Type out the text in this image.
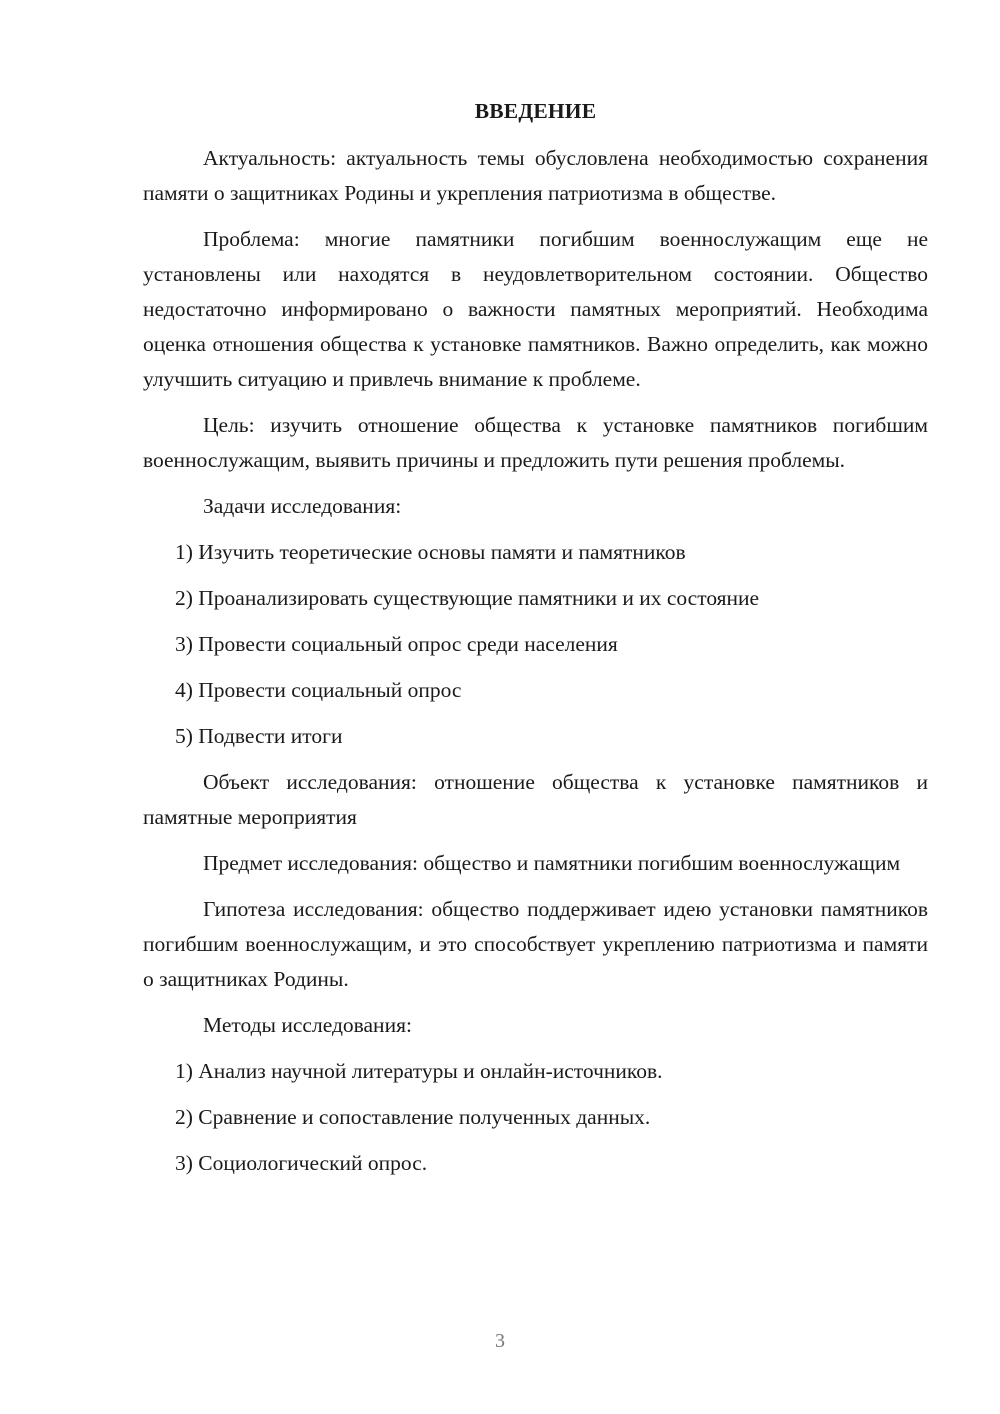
ВВЕДЕНИЕ

Актуальность: актуальность темы обусловлена необходимостью сохранения памяти о защитниках Родины и укрепления патриотизма в обществе.

Проблема: многие памятники погибшим военнослужащим еще не установлены или находятся в неудовлетворительном состоянии. Общество недостаточно информировано о важности памятных мероприятий. Необходима оценка отношения общества к установке памятников. Важно определить, как можно улучшить ситуацию и привлечь внимание к проблеме.

Цель: изучить отношение общества к установке памятников погибшим военнослужащим, выявить причины и предложить пути решения проблемы.

Задачи исследования:

1) Изучить теоретические основы памяти и памятников

2) Проанализировать существующие памятники и их состояние

3) Провести социальный опрос среди населения

4) Провести социальный опрос

5) Подвести итоги

Объект исследования: отношение общества к установке памятников и памятные мероприятия

Предмет исследования: общество и памятники погибшим военнослужащим

Гипотеза исследования: общество поддерживает идею установки памятников погибшим военнослужащим, и это способствует укреплению патриотизма и памяти о защитниках Родины.

Методы исследования:

1) Анализ научной литературы и онлайн-источников.

2) Сравнение и сопоставление полученных данных.

3) Социологический опрос.

3
